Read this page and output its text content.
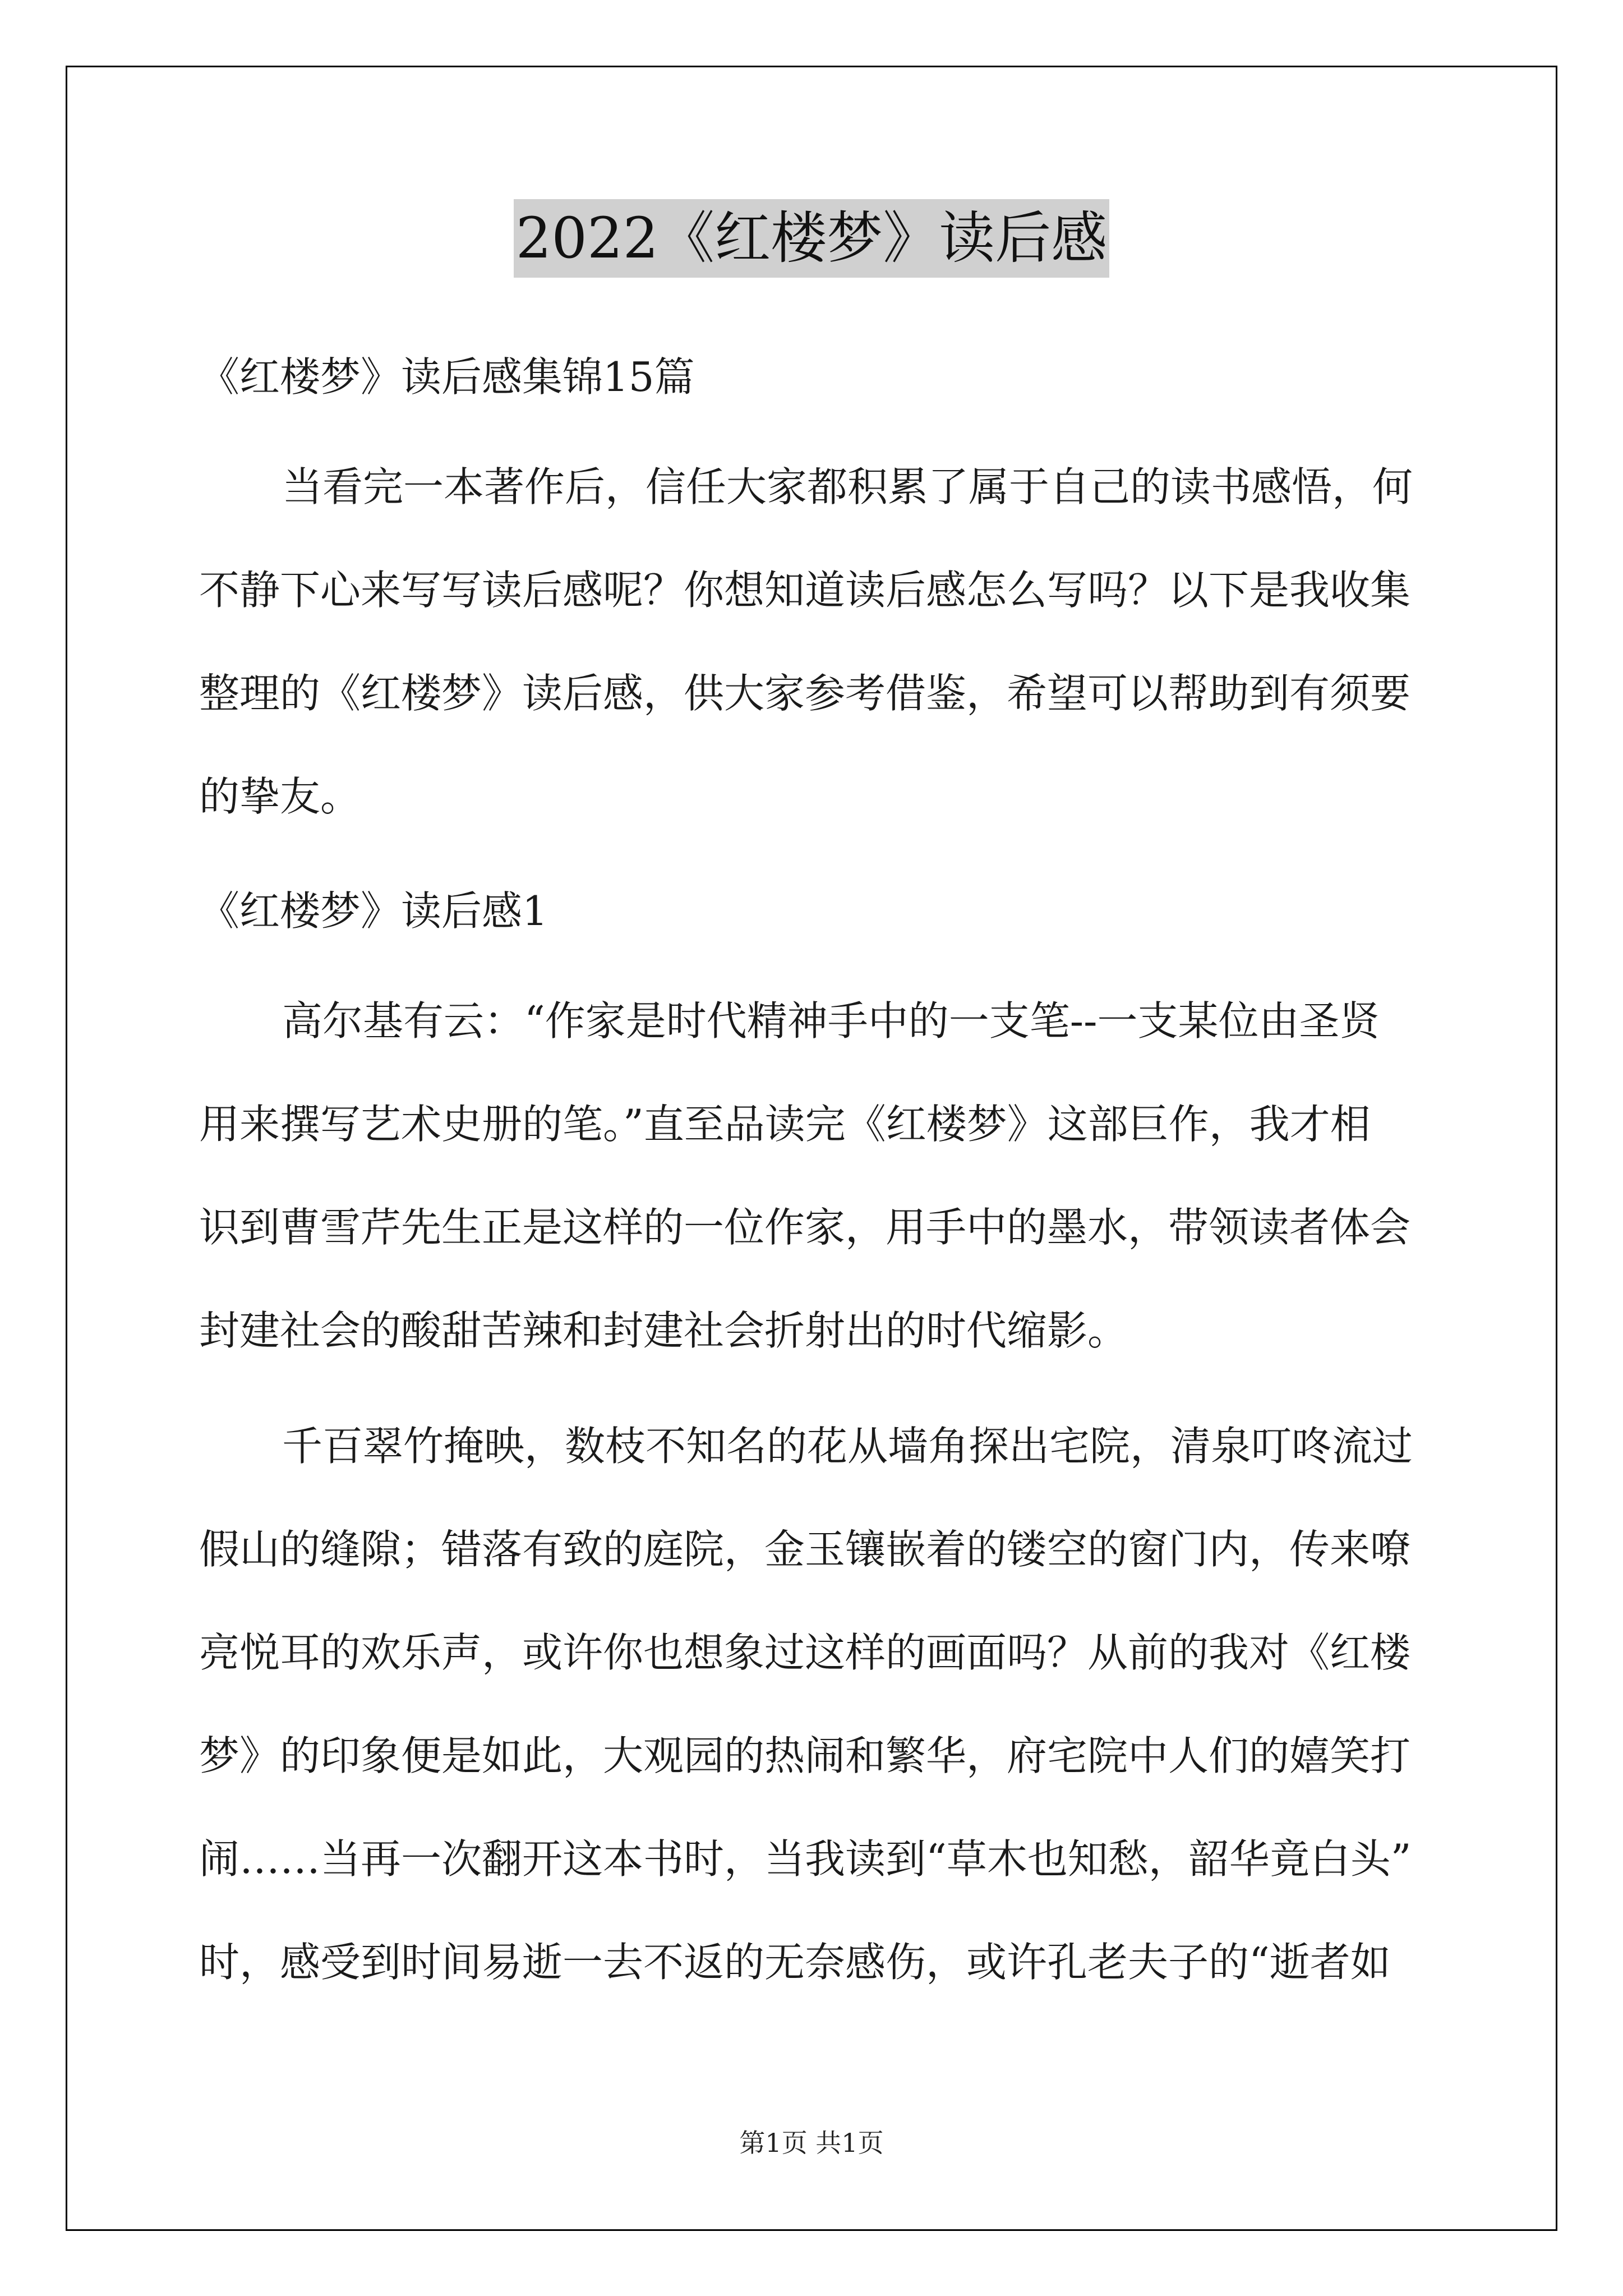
2022《红楼梦》读后感

《红楼梦》读后感集锦15篇

当看完一本著作后，信任大家都积累了属于自己的读书感悟，何
不静下心来写写读后感呢？你想知道读后感怎么写吗？以下是我收集
整理的《红楼梦》读后感，供大家参考借鉴，希望可以帮助到有须要
的挚友。

《红楼梦》读后感1

高尔基有云：“作家是时代精神手中的一支笔--一支某位由圣贤
用来撰写艺术史册的笔。”直至品读完《红楼梦》这部巨作，我才相
识到曹雪芹先生正是这样的一位作家，用手中的墨水，带领读者体会
封建社会的酸甜苦辣和封建社会折射出的时代缩影。
千百翠竹掩映，数枝不知名的花从墙角探出宅院，清泉叮咚流过
假山的缝隙；错落有致的庭院，金玉镶嵌着的镂空的窗门内，传来嘹
亮悦耳的欢乐声，或许你也想象过这样的画面吗？从前的我对《红楼
梦》的印象便是如此，大观园的热闹和繁华，府宅院中人们的嬉笑打
闹……当再一次翻开这本书时，当我读到“草木也知愁，韶华竟白头”
时，感受到时间易逝一去不返的无奈感伤，或许孔老夫子的“逝者如
第1页 共1页
